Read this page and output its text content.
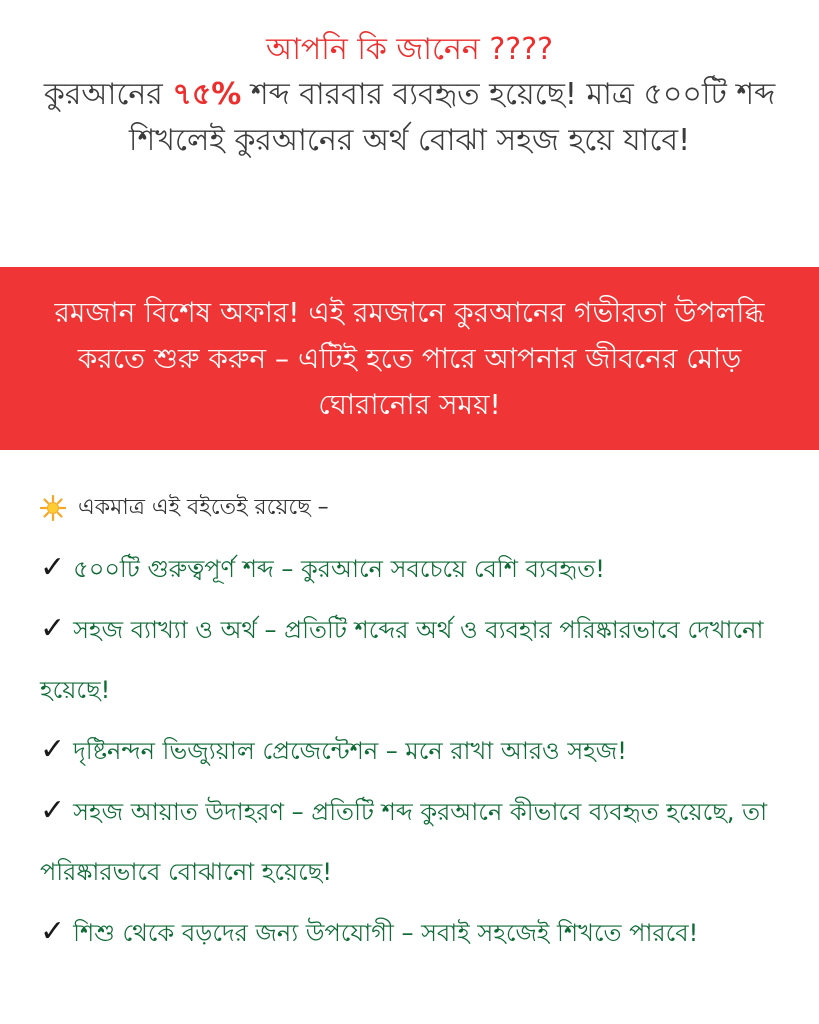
আপনি কি জানেন ????

কুরআনের ৭৫% শব্দ বারবার ব্যবহৃত হয়েছে! মাত্র ৫০০টি শব্দ শিখলেই কুরআনের অর্থ বোঝা সহজ হয়ে যাবে!

রমজান বিশেষ অফার! এই রমজানে কুরআনের গভীরতা উপলব্ধি করতে শুরু করুন – এটিই হতে পারে আপনার জীবনের মোড় ঘোরানোর সময়!

একমাত্র এই বইতেই রয়েছে –

✓ ৫০০টি গুরুত্বপূর্ণ শব্দ – কুরআনে সবচেয়ে বেশি ব্যবহৃত!

✓ সহজ ব্যাখ্যা ও অর্থ – প্রতিটি শব্দের অর্থ ও ব্যবহার পরিষ্কারভাবে দেখানো হয়েছে!

✓ দৃষ্টিনন্দন ভিজ্যুয়াল প্রেজেন্টেশন – মনে রাখা আরও সহজ!

✓ সহজ আয়াত উদাহরণ – প্রতিটি শব্দ কুরআনে কীভাবে ব্যবহৃত হয়েছে, তা পরিষ্কারভাবে বোঝানো হয়েছে!

✓ শিশু থেকে বড়দের জন্য উপযোগী – সবাই সহজেই শিখতে পারবে!
